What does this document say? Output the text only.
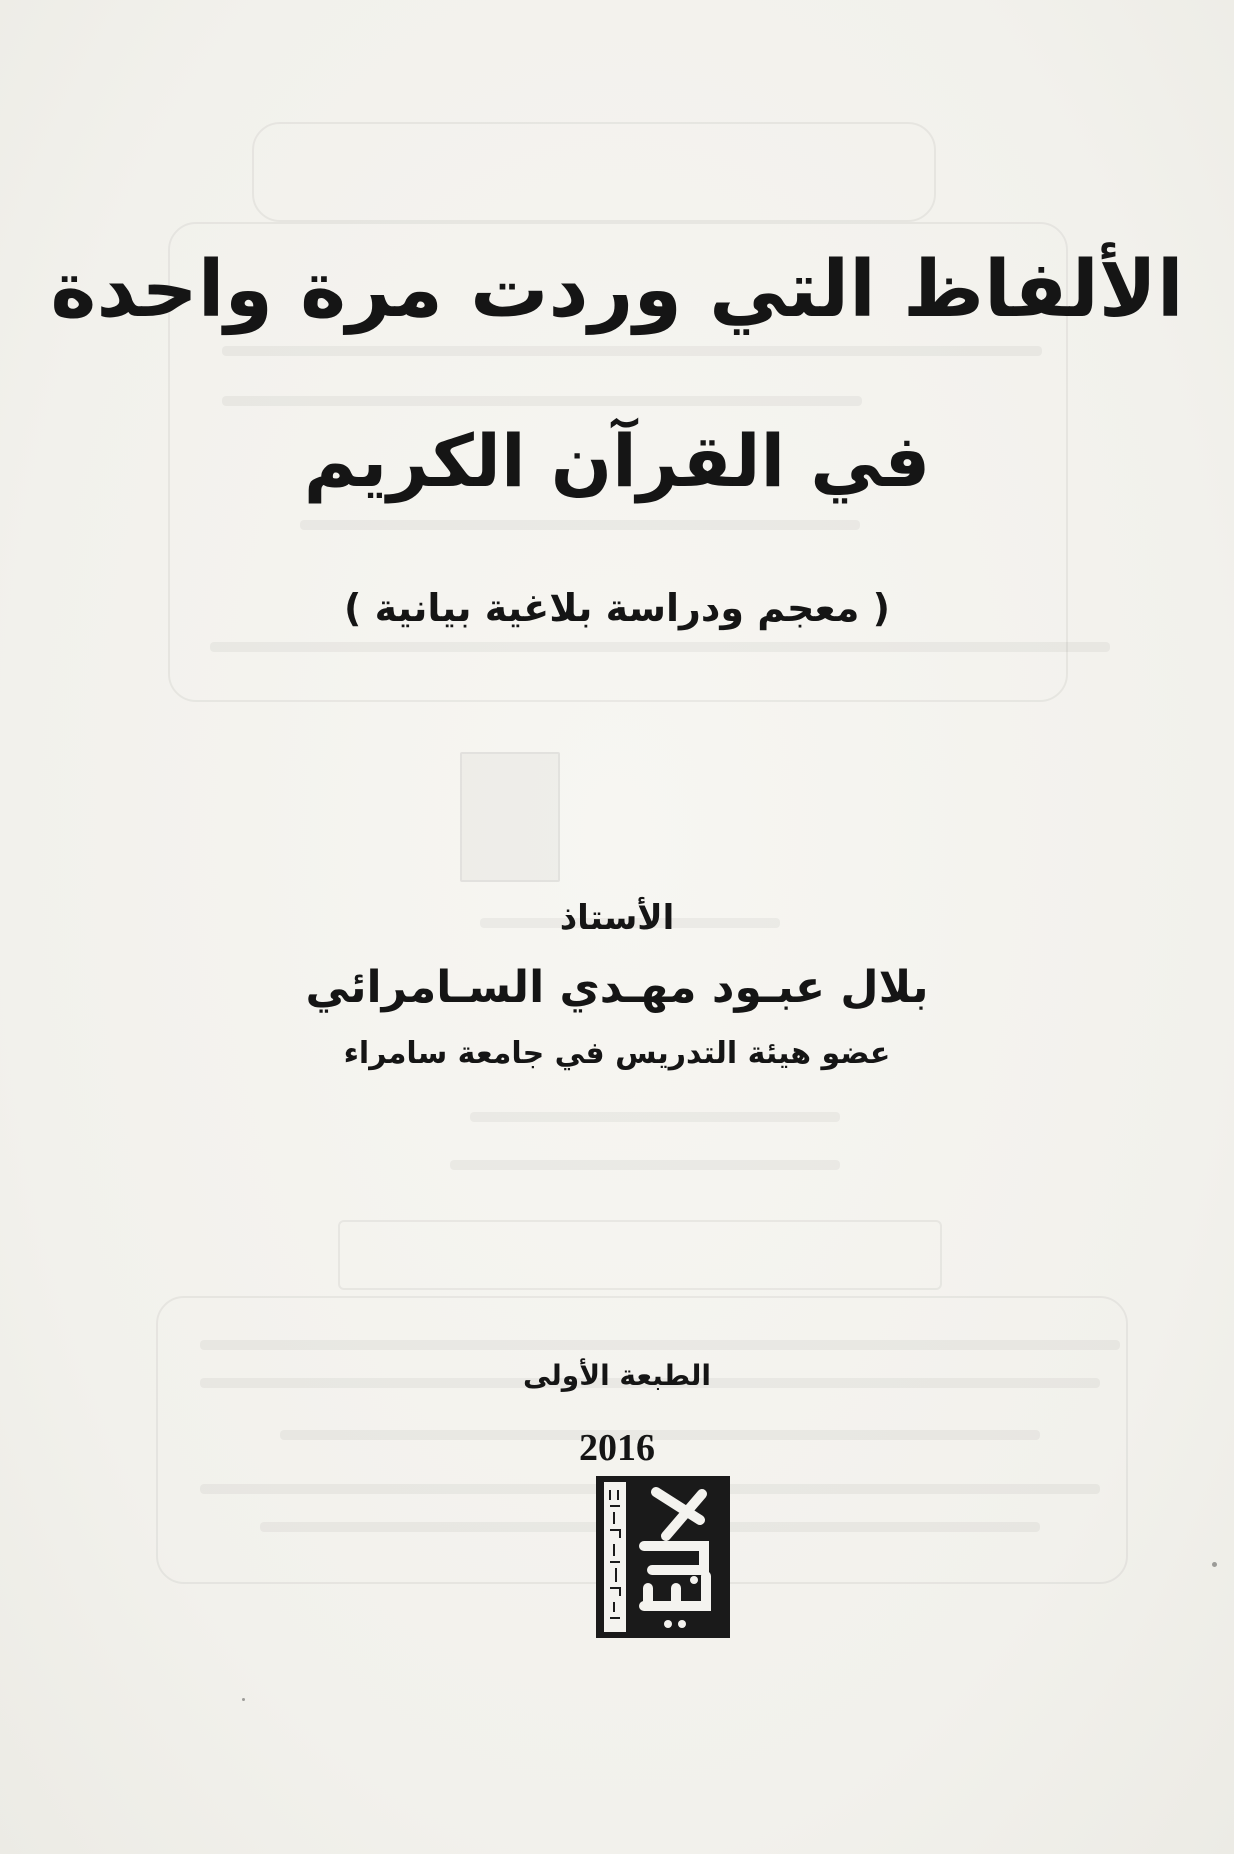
الألفاظ التي وردت مرة واحدة
في القرآن الكريم
( معجم ودراسة بلاغية بيانية )
الأستاذ
بلال عبـود مهـدي السـامرائي
عضو هيئة التدريس في جامعة سامراء
الطبعة الأولى
2016
